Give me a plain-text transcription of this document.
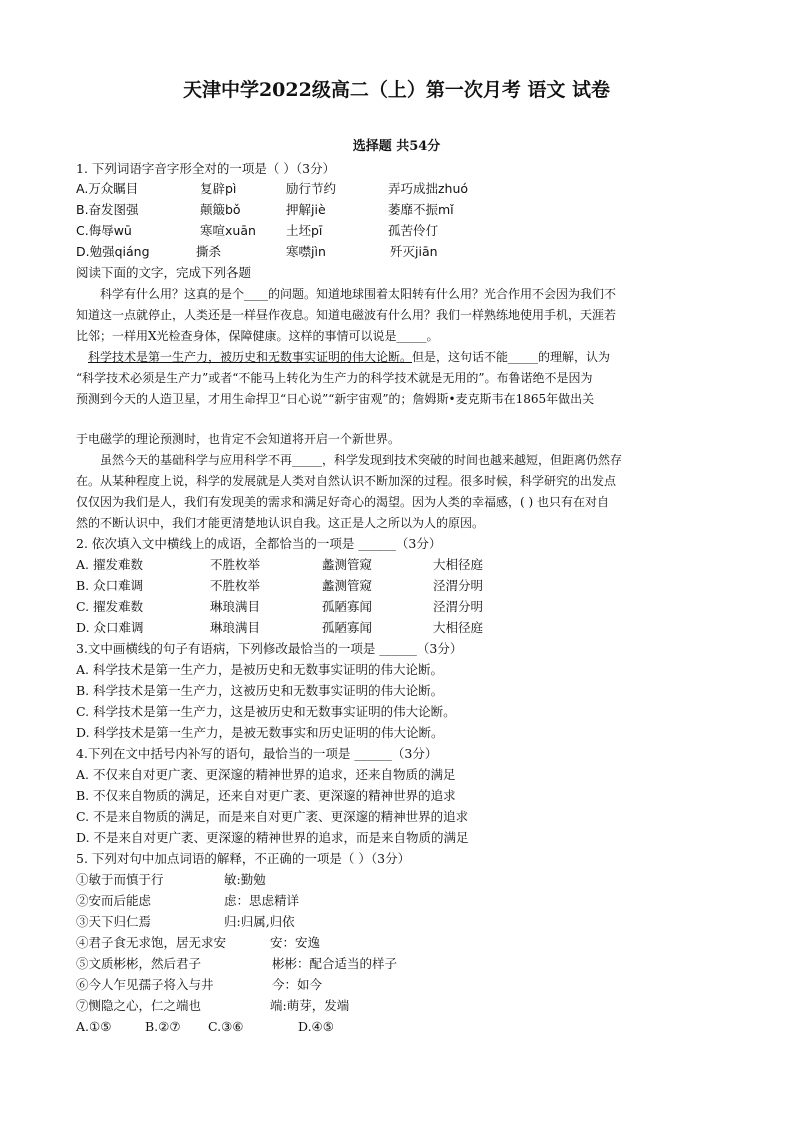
天津中学2022级高二（上）第一次月考 语文 试卷
选择题 共54分
1. 下列词语字音字形全对的一项是（ ）（3分）
A.万众瞩目	复辟pì	励行节约	弄巧成拙zhuó
B.奋发图强	颠簸bǒ	押解jiè	萎靡不振mǐ
C.侮辱wū	寒喧xuān 土坯pī	孤苦伶仃
D.勉强qiáng	撕杀	寒噤jìn	歼灭jiān
阅读下面的文字，完成下列各题
　　科学有什么用？这真的是个____的问题。知道地球围着太阳转有什么用？光合作用不会因为我们不
知道这一点就停止，人类还是一样昼作夜息。知道电磁波有什么用？我们一样熟练地使用手机，天涯若
比邻；一样用X光检查身体，保障健康。这样的事情可以说是_____。
科学技术是第一生产力，被历史和无数事实证明的伟大论断。但是，这句话不能_____的理解，认为
“科学技术必须是生产力”或者“不能马上转化为生产力的科学技术就是无用的”。布鲁诺绝不是因为
预测到今天的人造卫星，才用生命捍卫“日心说”“新宇宙观”的；詹姆斯•麦克斯韦在1865年做出关
于电磁学的理论预测时，也肯定不会知道将开启一个新世界。
　　虽然今天的基础科学与应用科学不再_____，科学发现到技术突破的时间也越来越短，但距离仍然存
在。从某种程度上说，科学的发展就是人类对自然认识不断加深的过程。很多时候，科学研究的出发点
仅仅因为我们是人，我们有发现美的需求和满足好奇心的渴望。因为人类的幸福感，( ) 也只有在对自
然的不断认识中，我们才能更清楚地认识自我。这正是人之所以为人的原因。
2. 依次填入文中横线上的成语，全都恰当的一项是 ______（3分）
A. 擢发难数	不胜枚举	蠡测管窥	大相径庭
B. 众口难调	不胜枚举	蠡测管窥	泾渭分明
C. 擢发难数	琳琅满目	孤陋寡闻	泾渭分明
D. 众口难调	琳琅满目	孤陋寡闻	大相径庭
3.文中画横线的句子有语病，下列修改最恰当的一项是 ______（3分）
A. 科学技术是第一生产力，是被历史和无数事实证明的伟大论断。
B. 科学技术是第一生产力，这被历史和无数事实证明的伟大论断。
C. 科学技术是第一生产力，这是被历史和无数事实证明的伟大论断。
D. 科学技术是第一生产力，是被无数事实和历史证明的伟大论断。
4.下列在文中括号内补写的语句，最恰当的一项是 ______（3分）
A. 不仅来自对更广袤、更深邃的精神世界的追求，还来自物质的满足
B. 不仅来自物质的满足，还来自对更广袤、更深邃的精神世界的追求
C. 不是来自物质的满足，而是来自对更广袤、更深邃的精神世界的追求
D. 不是来自对更广袤、更深邃的精神世界的追求，而是来自物质的满足
5. 下列对句中加点词语的解释，不正确的一项是（ ）（3分）
①敏于而慎于行	敏:勤勉
②安而后能虑	虑：思虑精详
③天下归仁焉	归:归属,归依
④君子食无求饱，居无求安	安：安逸
⑤文质彬彬，然后君子	彬彬：配合适当的样子
⑥今人乍见孺子将入与井	今：如今
⑦恻隐之心，仁之端也	端:萌芽，发端
A.①⑤	B.②⑦ C.③⑥	D.④⑤
